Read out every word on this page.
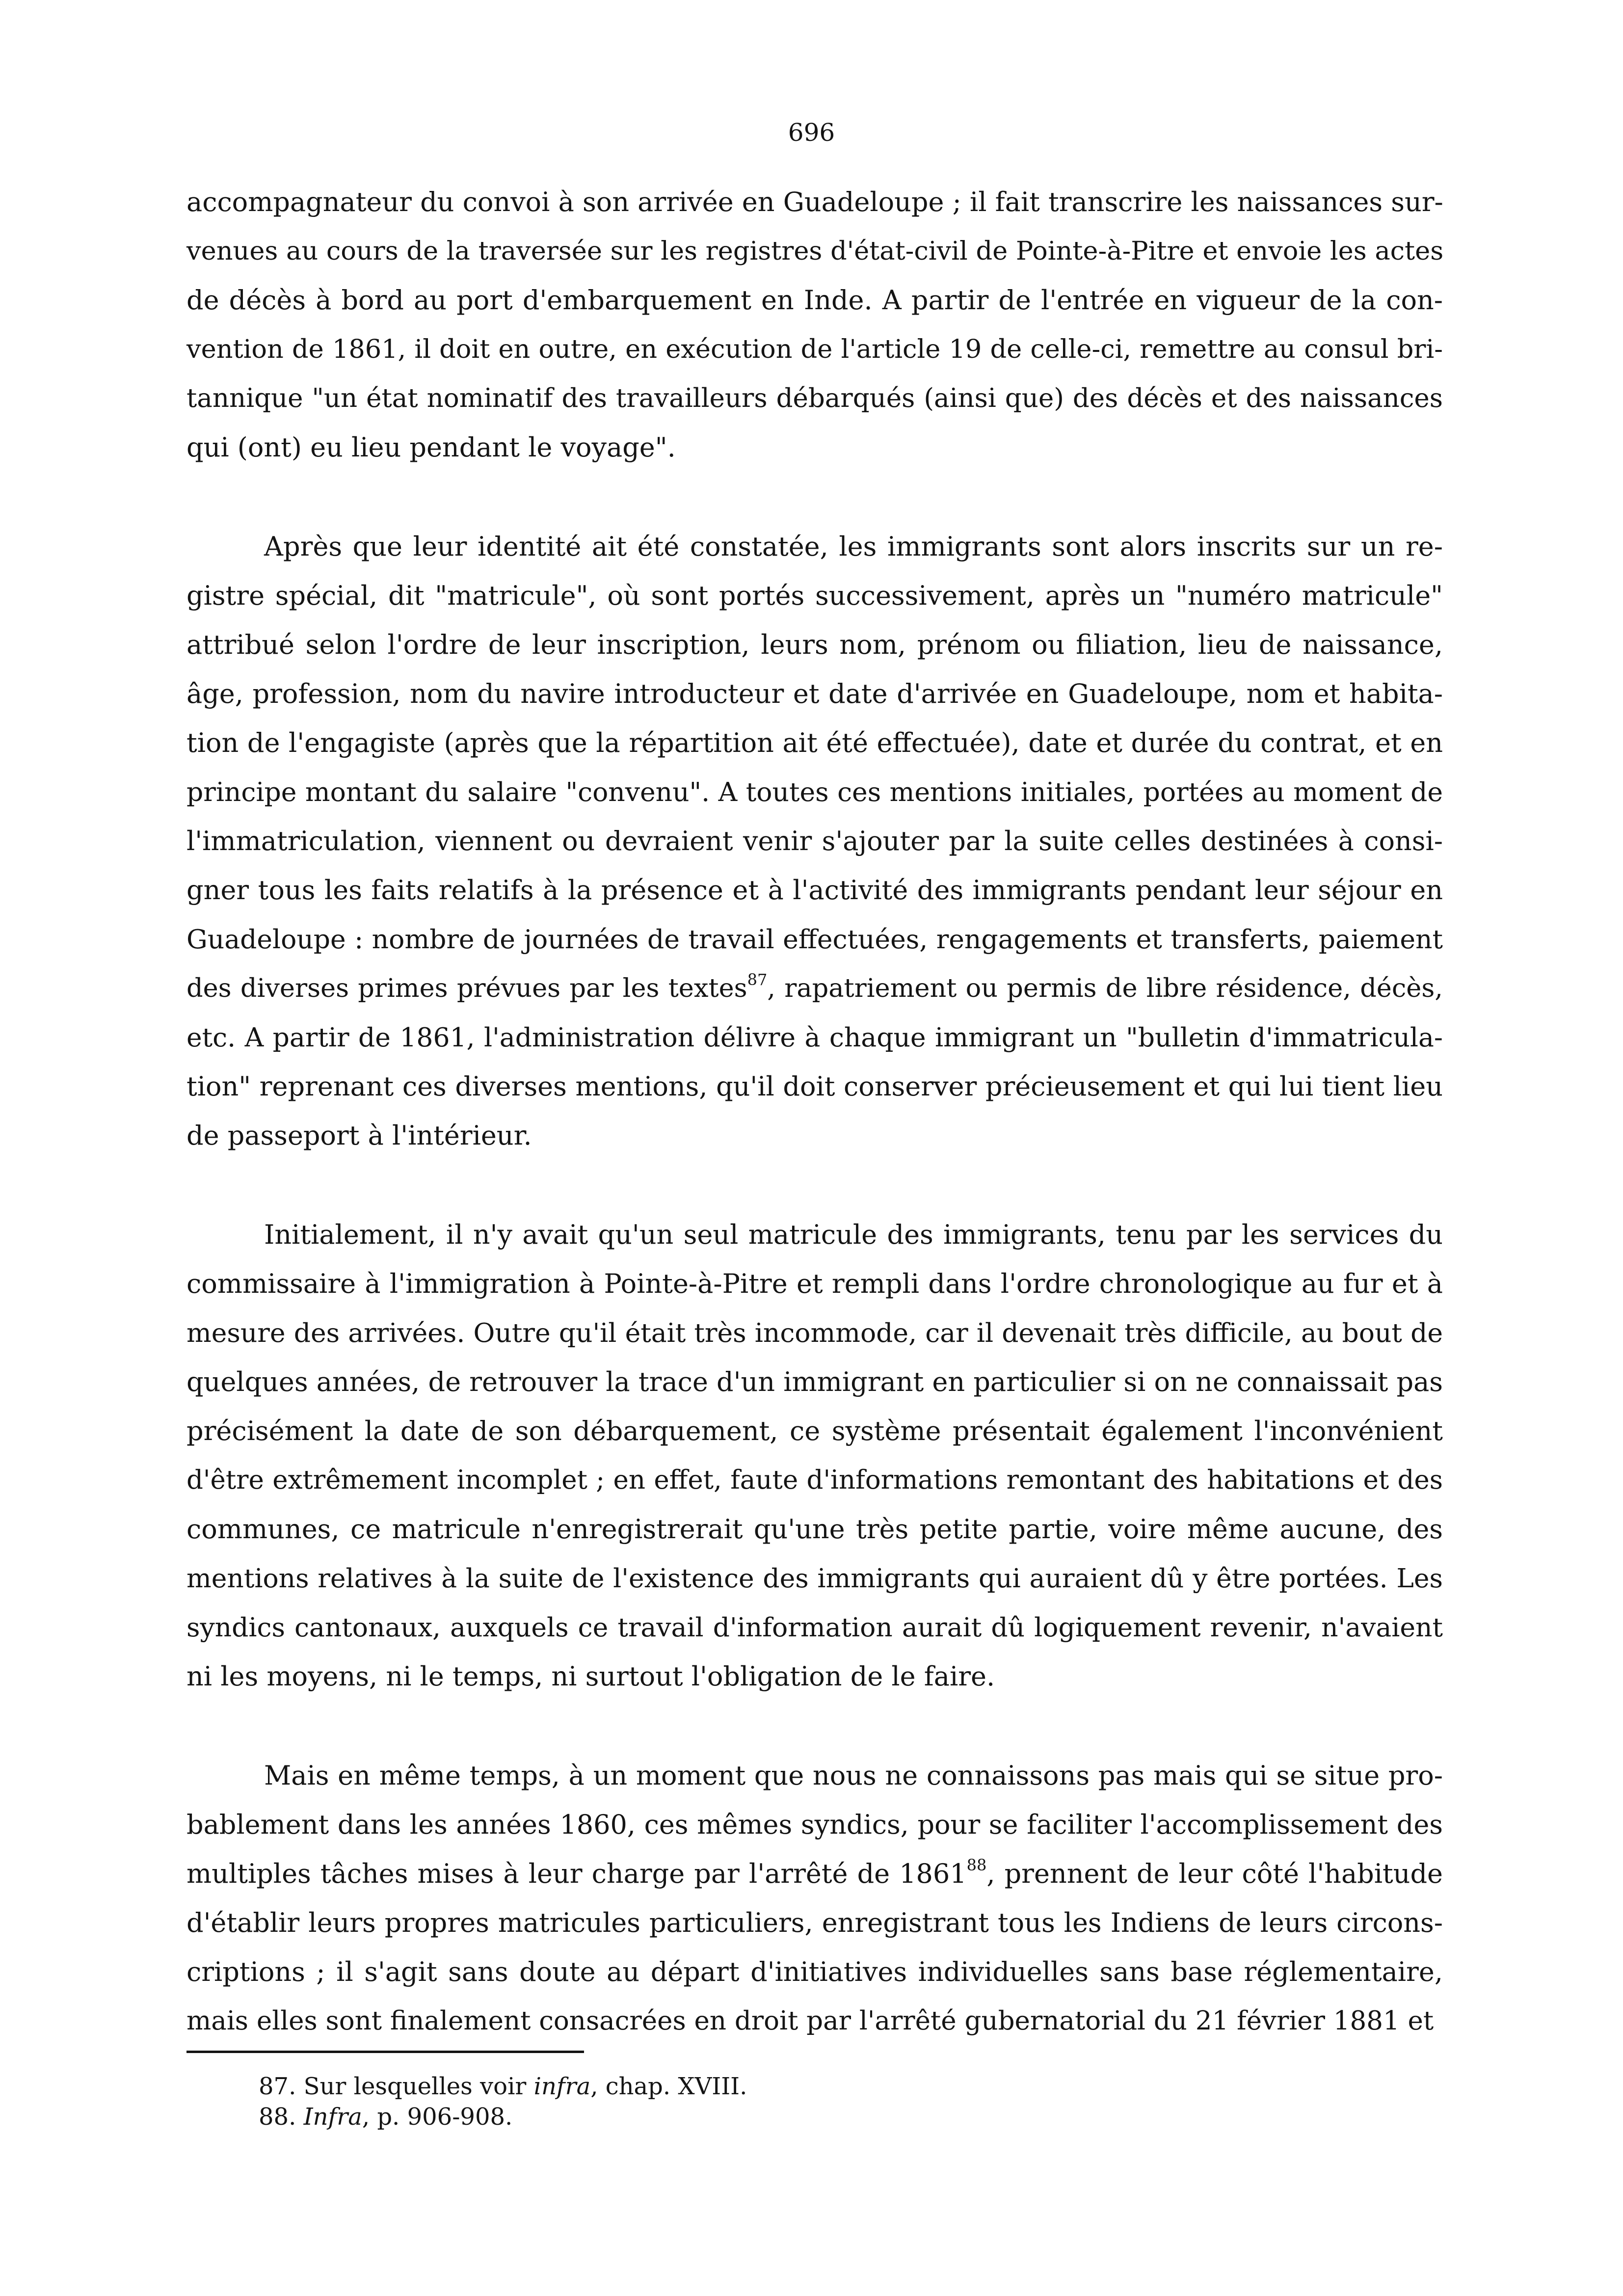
696
accompagnateur du convoi à son arrivée en Guadeloupe ; il fait transcrire les naissances sur-
venues au cours de la traversée sur les registres d'état-civil de Pointe-à-Pitre et envoie les actes
de décès à bord au port d'embarquement en Inde. A partir de l'entrée en vigueur de la con-
vention de 1861, il doit en outre, en exécution de l'article 19 de celle-ci, remettre au consul bri-
tannique "un état nominatif des travailleurs débarqués (ainsi que) des décès et des naissances
qui (ont) eu lieu pendant le voyage".
Après que leur identité ait été constatée, les immigrants sont alors inscrits sur un re-
gistre spécial, dit "matricule", où sont portés successivement, après un "numéro matricule"
attribué selon l'ordre de leur inscription, leurs nom, prénom ou filiation, lieu de naissance,
âge, profession, nom du navire introducteur et date d'arrivée en Guadeloupe, nom et habita-
tion de l'engagiste (après que la répartition ait été effectuée), date et durée du contrat, et en
principe montant du salaire "convenu". A toutes ces mentions initiales, portées au moment de
l'immatriculation, viennent ou devraient venir s'ajouter par la suite celles destinées à consi-
gner tous les faits relatifs à la présence et à l'activité des immigrants pendant leur séjour en
Guadeloupe : nombre de journées de travail effectuées, rengagements et transferts, paiement
des diverses primes prévues par les textes$^{87}$, rapatriement ou permis de libre résidence, décès,
etc. A partir de 1861, l'administration délivre à chaque immigrant un "bulletin d'immatricula-
tion" reprenant ces diverses mentions, qu'il doit conserver précieusement et qui lui tient lieu
de passeport à l'intérieur.
Initialement, il n'y avait qu'un seul matricule des immigrants, tenu par les services du
commissaire à l'immigration à Pointe-à-Pitre et rempli dans l'ordre chronologique au fur et à
mesure des arrivées. Outre qu'il était très incommode, car il devenait très difficile, au bout de
quelques années, de retrouver la trace d'un immigrant en particulier si on ne connaissait pas
précisément la date de son débarquement, ce système présentait également l'inconvénient
d'être extrêmement incomplet ; en effet, faute d'informations remontant des habitations et des
communes, ce matricule n'enregistrerait qu'une très petite partie, voire même aucune, des
mentions relatives à la suite de l'existence des immigrants qui auraient dû y être portées. Les
syndics cantonaux, auxquels ce travail d'information aurait dû logiquement revenir, n'avaient
ni les moyens, ni le temps, ni surtout l'obligation de le faire.
Mais en même temps, à un moment que nous ne connaissons pas mais qui se situe pro-
bablement dans les années 1860, ces mêmes syndics, pour se faciliter l'accomplissement des
multiples tâches mises à leur charge par l'arrêté de 1861$^{88}$, prennent de leur côté l'habitude
d'établir leurs propres matricules particuliers, enregistrant tous les Indiens de leurs circons-
criptions ; il s'agit sans doute au départ d'initiatives individuelles sans base réglementaire,
mais elles sont finalement consacrées en droit par l'arrêté gubernatorial du 21 février 1881 et
87. Sur lesquelles voir infra, chap. XVIII.
88. Infra, p. 906-908.
